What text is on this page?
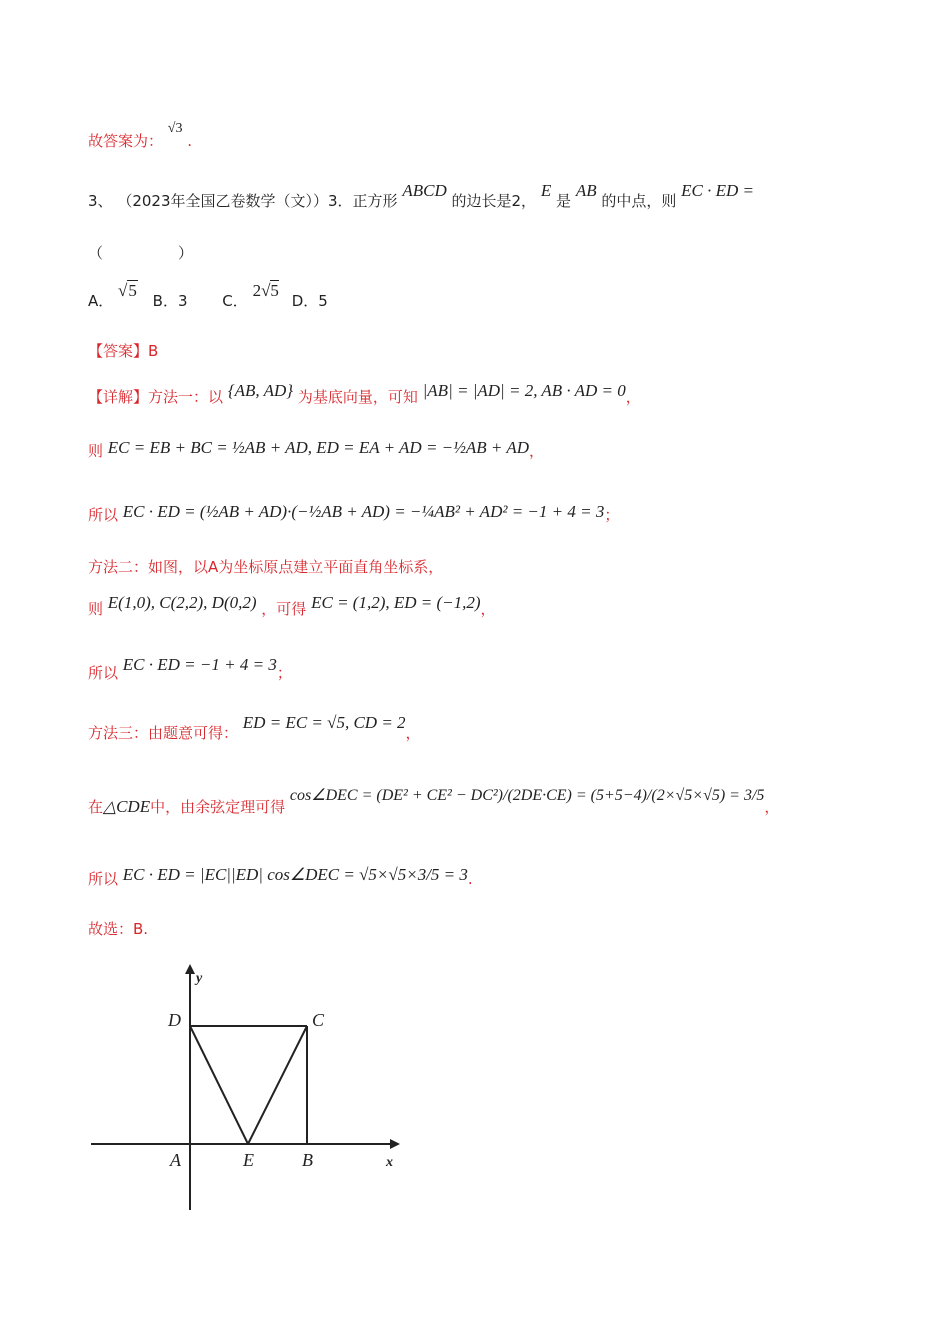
故答案为： √3 .
3、 （2023年全国乙卷数学（文））3．正方形 ABCD 的边长是2， E 是 AB 的中点，则 EC · ED =
（　　　　　）
A． √5 B．3 C． 2√5 D．5
【答案】B
【详解】方法一：以 {AB, AD} 为基底向量，可知 |AB| = |AD| = 2, AB · AD = 0，
则 EC = EB + BC = ½AB + AD, ED = EA + AD = −½AB + AD，
所以 EC · ED = (½AB + AD)·(−½AB + AD) = −¼AB² + AD² = −1 + 4 = 3；
方法二：如图，以A为坐标原点建立平面直角坐标系，
则 E(1,0), C(2,2), D(0,2) ，可得 EC = (1,2), ED = (−1,2)，
所以 EC · ED = −1 + 4 = 3；
方法三：由题意可得： ED = EC = √5, CD = 2，
在△CDE中，由余弦定理可得 cos∠DEC = (DE² + CE² − DC²)/(2DE·CE) = (5+5−4)/(2×√5×√5) = 3/5，
所以 EC · ED = |EC||ED| cos∠DEC = √5×√5×3/5 = 3.
故选：B.
D	C
A	E	B	x
y
